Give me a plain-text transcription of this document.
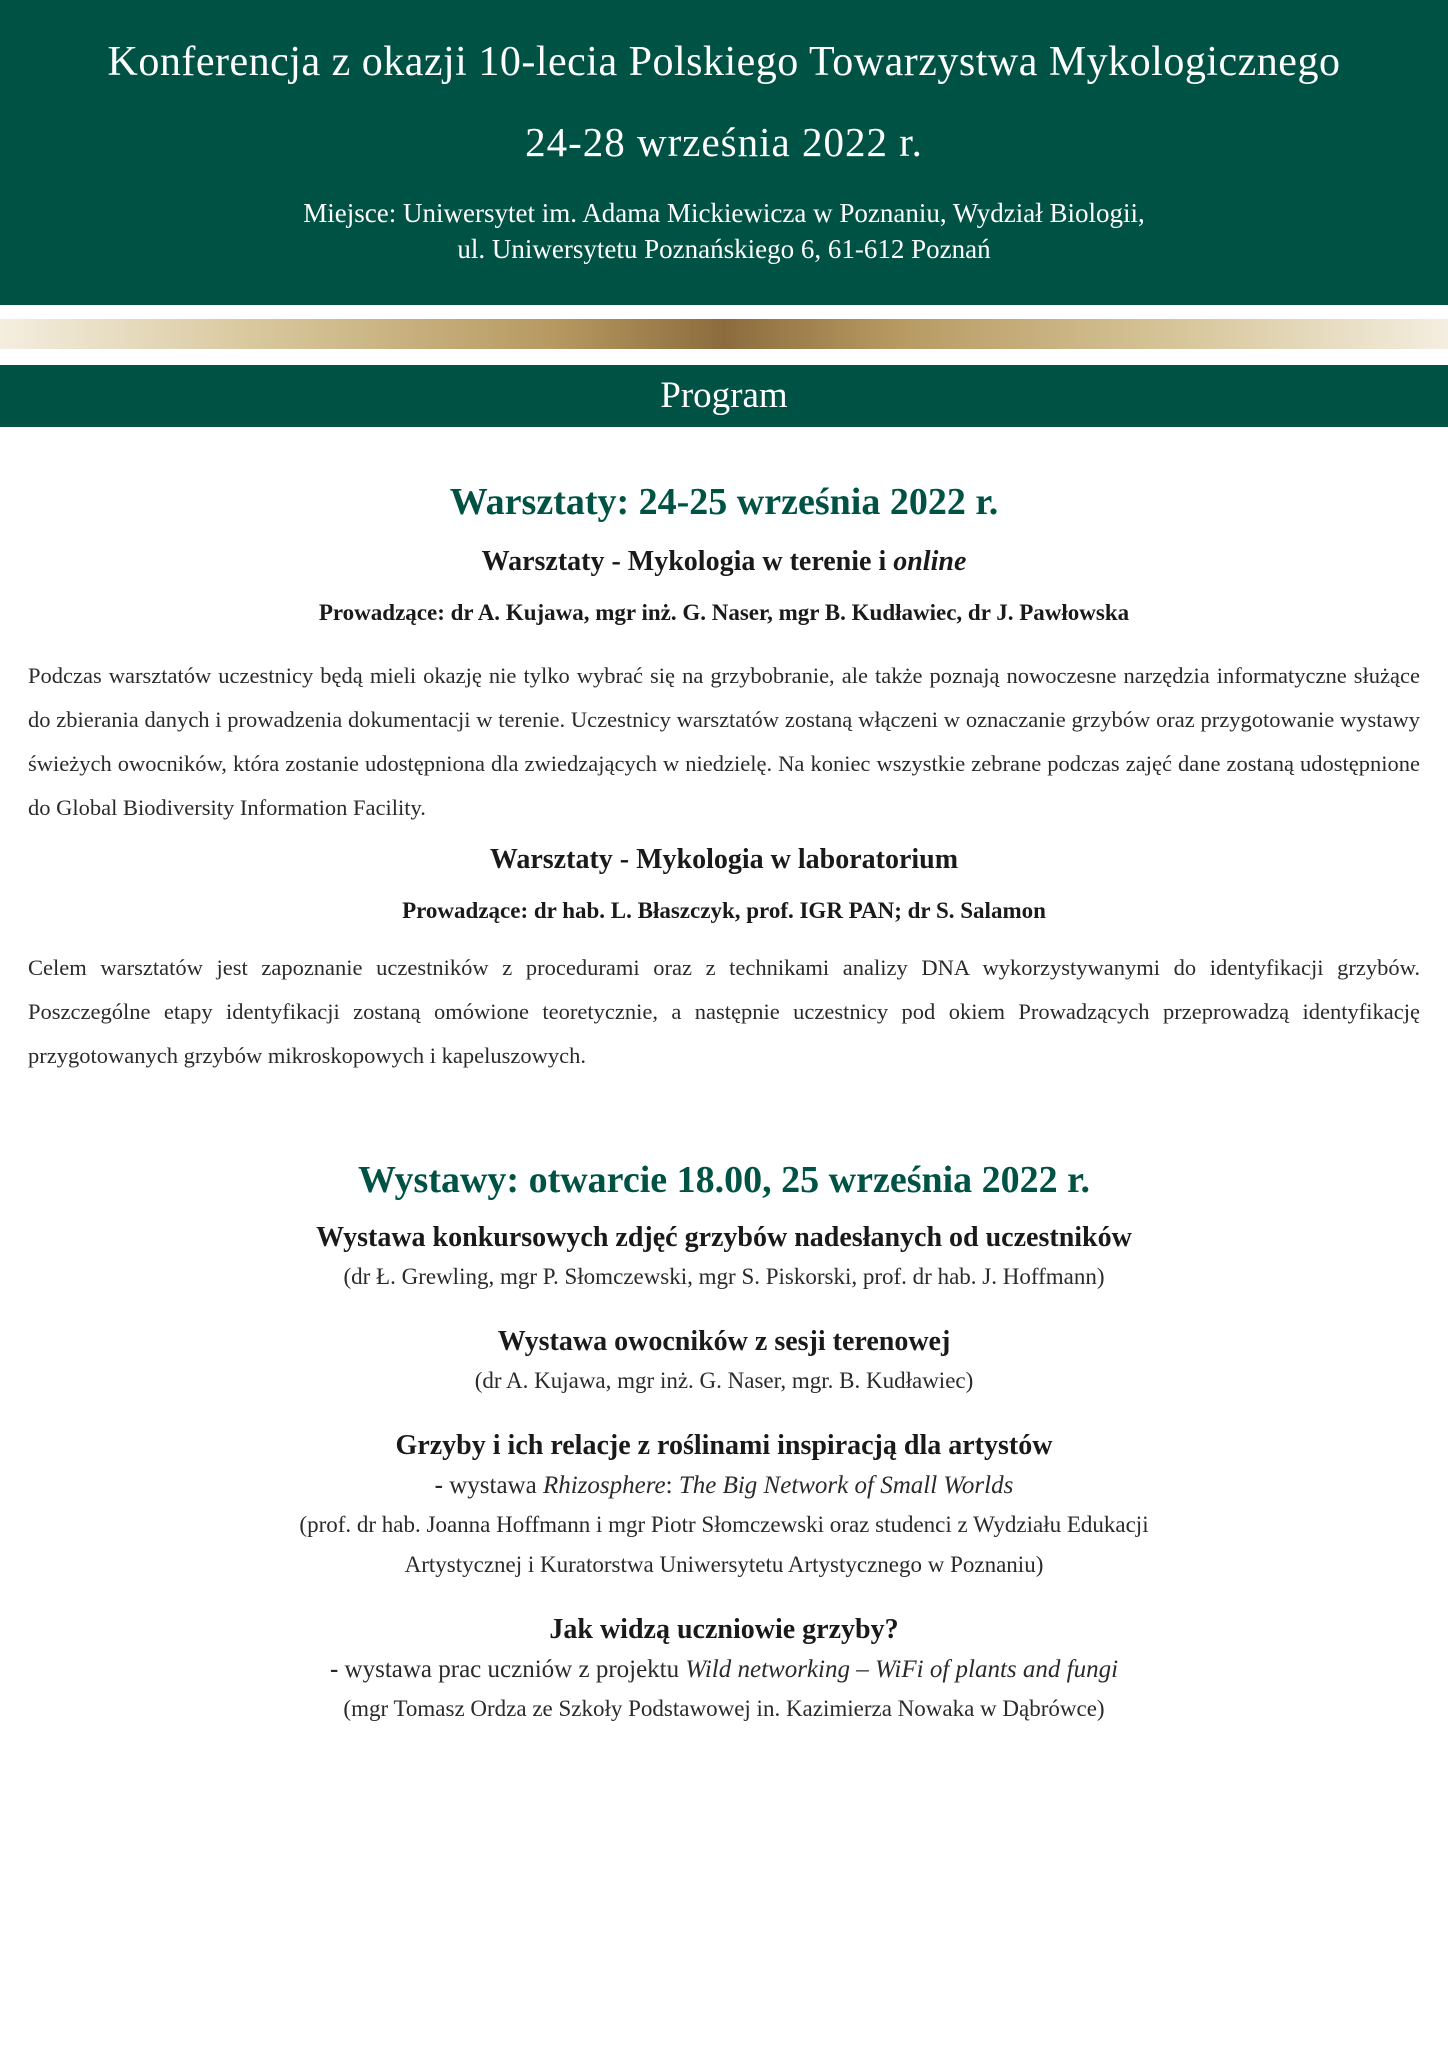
Konferencja z okazji 10-lecia Polskiego Towarzystwa Mykologicznego
24-28 września 2022 r.
Miejsce: Uniwersytet im. Adama Mickiewicza w Poznaniu, Wydział Biologii,
ul. Uniwersytetu Poznańskiego 6, 61-612 Poznań
Program
Warsztaty: 24-25 września 2022 r.

Warsztaty - Mykologia w terenie i online

Prowadzące: dr A. Kujawa, mgr inż. G. Naser, mgr B. Kudławiec, dr J. Pawłowska

Podczas warsztatów uczestnicy będą mieli okazję nie tylko wybrać się na grzybobranie, ale także poznają nowoczesne narzędzia informatyczne służące do zbierania danych i prowadzenia dokumentacji w terenie. Uczestnicy warsztatów zostaną włączeni w oznaczanie grzybów oraz przygotowanie wystawy świeżych owocników, która zostanie udostępniona dla zwiedzających w niedzielę. Na koniec wszystkie zebrane podczas zajęć dane zostaną udostępnione do Global Biodiversity Information Facility.

Warsztaty - Mykologia w laboratorium

Prowadzące: dr hab. L. Błaszczyk, prof. IGR PAN; dr S. Salamon

Celem warsztatów jest zapoznanie uczestników z procedurami oraz z technikami analizy DNA wykorzystywanymi do identyfikacji grzybów. Poszczególne etapy identyfikacji zostaną omówione teoretycznie, a następnie uczestnicy pod okiem Prowadzących przeprowadzą identyfikację przygotowanych grzybów mikroskopowych i kapeluszowych.

Wystawy: otwarcie 18.00, 25 września 2022 r.

Wystawa konkursowych zdjęć grzybów nadesłanych od uczestników

(dr Ł. Grewling, mgr P. Słomczewski, mgr S. Piskorski, prof. dr hab. J. Hoffmann)

Wystawa owocników z sesji terenowej

(dr A. Kujawa, mgr inż. G. Naser, mgr. B. Kudławiec)

Grzyby i ich relacje z roślinami inspiracją dla artystów

- wystawa Rhizosphere: The Big Network of Small Worlds

(prof. dr hab. Joanna Hoffmann i mgr Piotr Słomczewski oraz studenci z Wydziału Edukacji

Artystycznej i Kuratorstwa Uniwersytetu Artystycznego w Poznaniu)

Jak widzą uczniowie grzyby?

- wystawa prac uczniów z projektu Wild networking – WiFi of plants and fungi

(mgr Tomasz Ordza ze Szkoły Podstawowej in. Kazimierza Nowaka w Dąbrówce)
